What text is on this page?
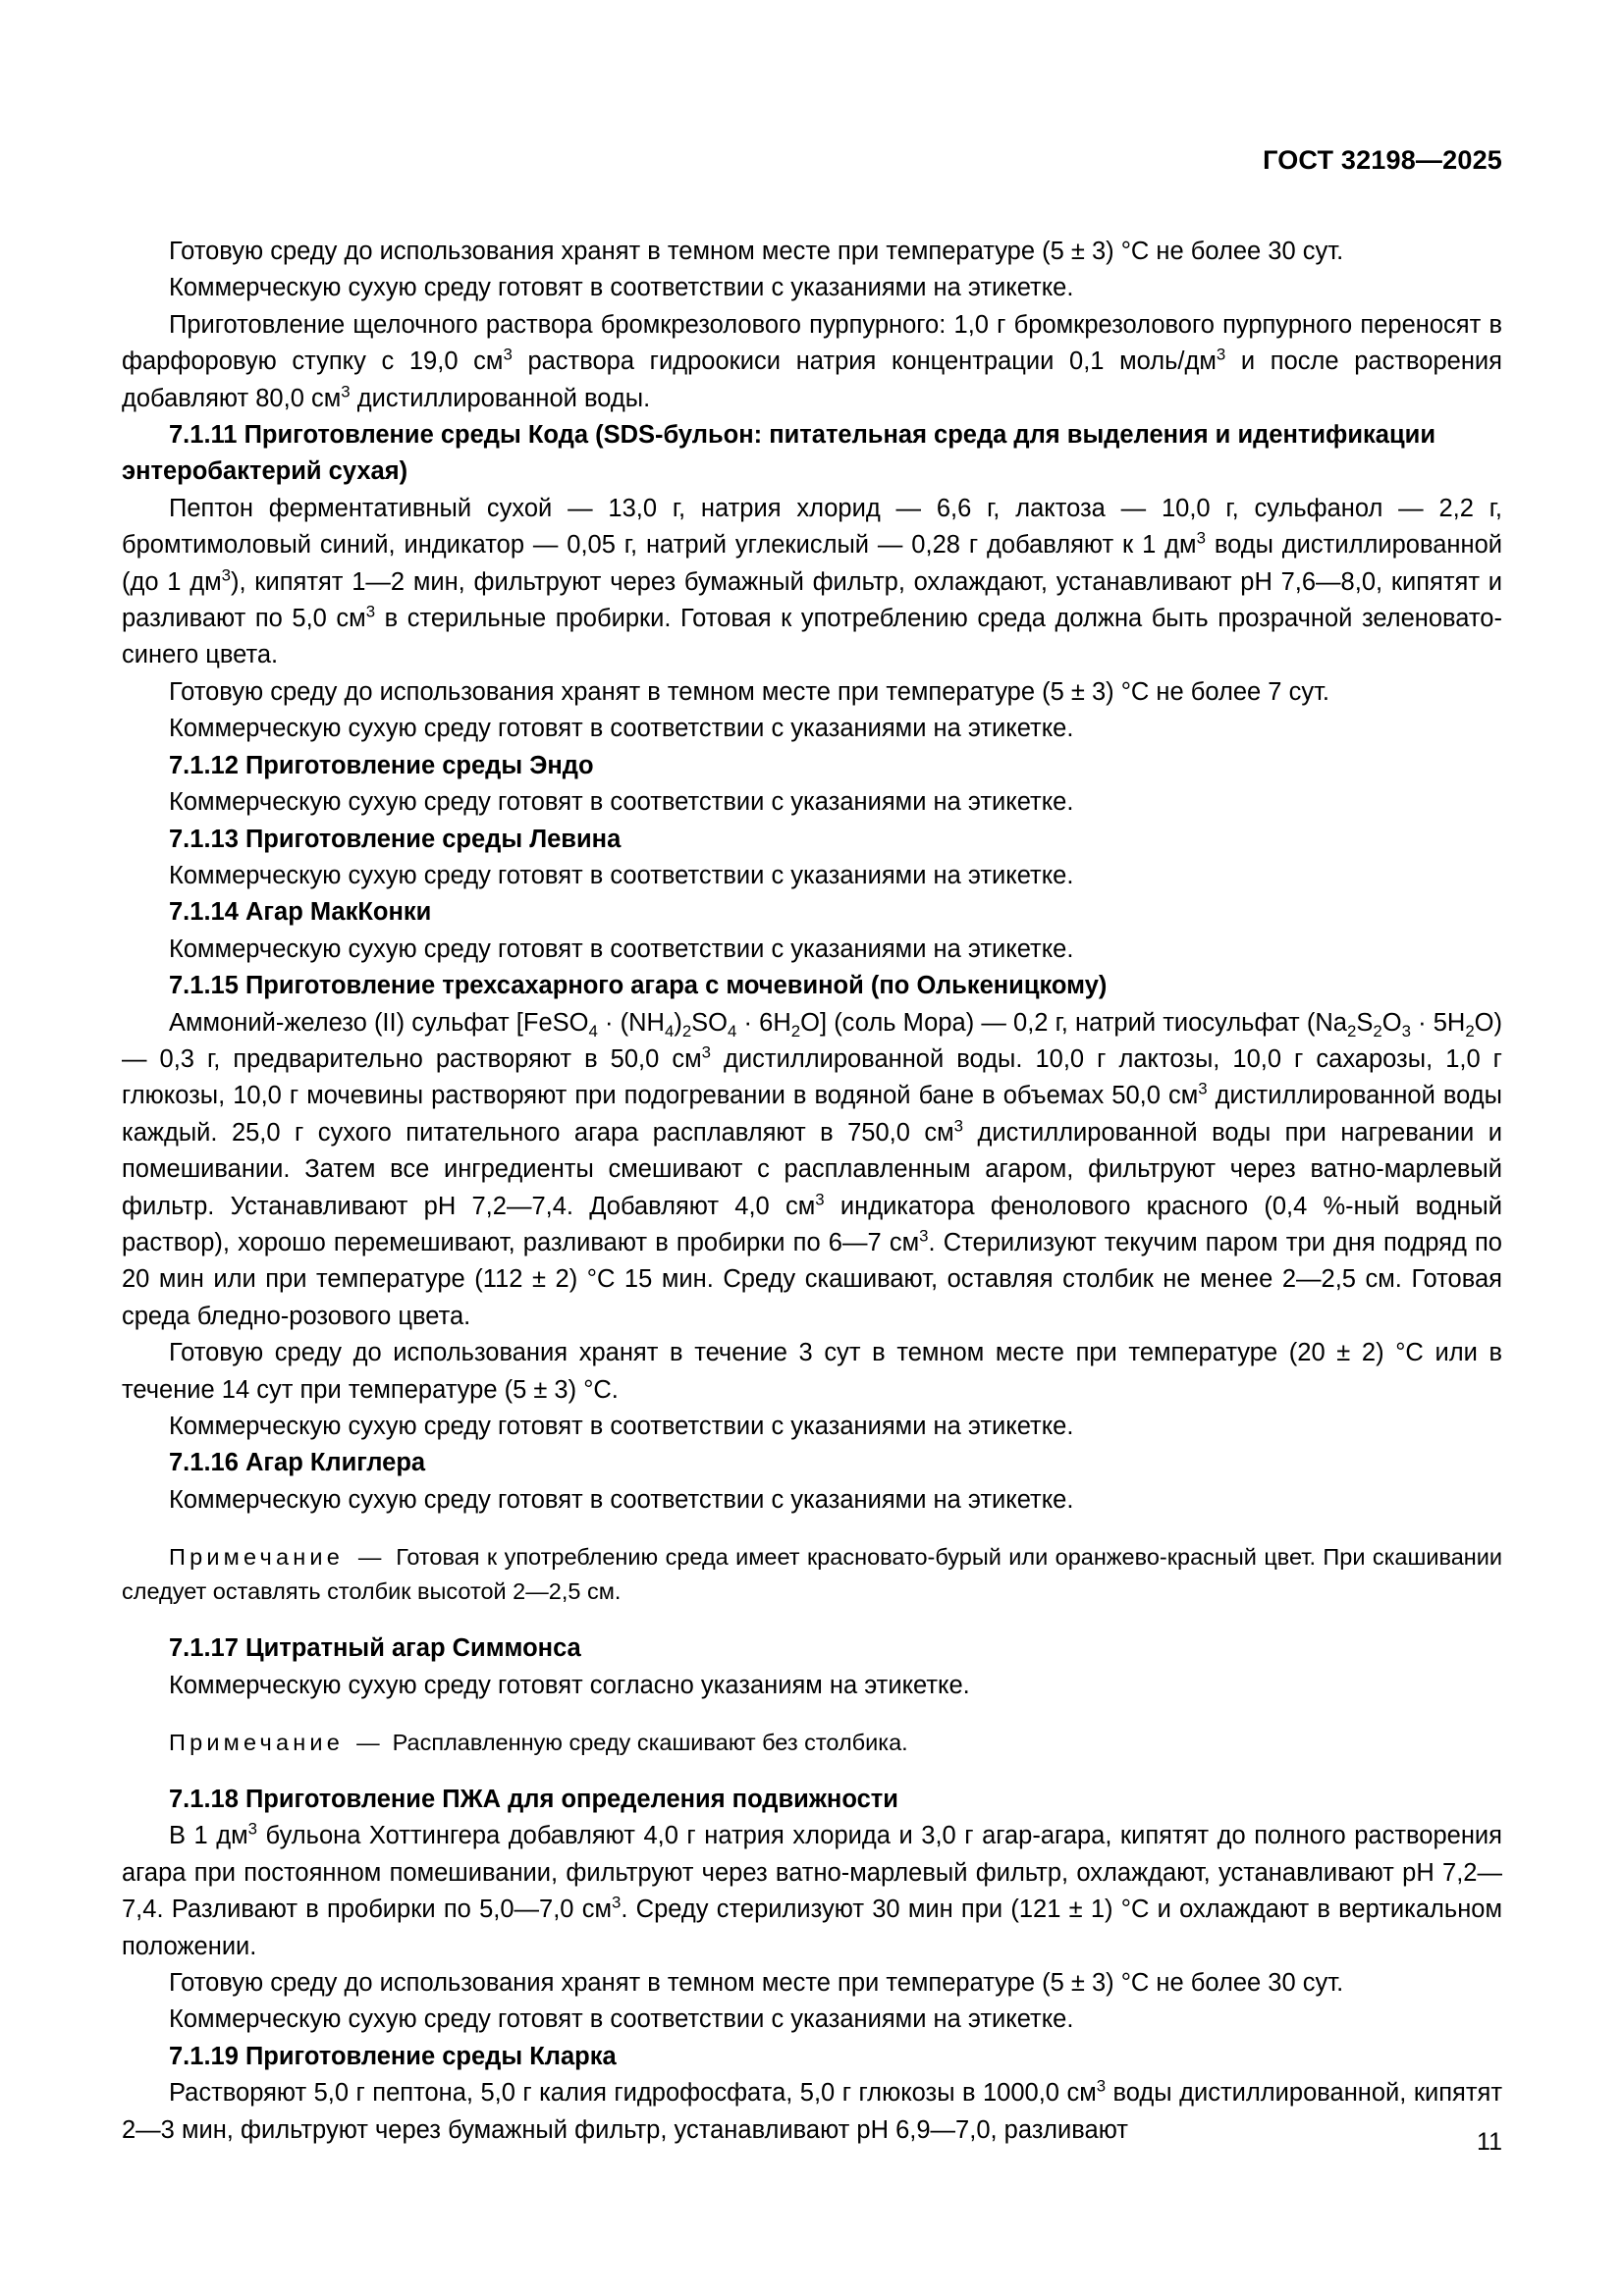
ГОСТ 32198—2025

Готовую среду до использования хранят в темном месте при температуре (5 ± 3) °C не более 30 сут.

Коммерческую сухую среду готовят в соответствии с указаниями на этикетке.

Приготовление щелочного раствора бромкрезолового пурпурного: 1,0 г бромкрезолового пурпурного переносят в фарфоровую ступку с 19,0 $см^3$ раствора гидроокиси натрия концентрации 0,1 моль/$дм^3$ и после растворения добавляют 80,0 $см^3$ дистиллированной воды.

7.1.11 Приготовление среды Кода (SDS-бульон: питательная среда для выделения и идентификации энтеробактерий сухая)

Пептон ферментативный сухой — 13,0 г, натрия хлорид — 6,6 г, лактоза — 10,0 г, сульфанол — 2,2 г, бромтимоловый синий, индикатор — 0,05 г, натрий углекислый — 0,28 г добавляют к 1 $дм^3$ воды дистиллированной (до 1 $дм^3$), кипятят 1—2 мин, фильтруют через бумажный фильтр, охлаждают, устанавливают pH 7,6—8,0, кипятят и разливают по 5,0 $см^3$ в стерильные пробирки. Готовая к употреблению среда должна быть прозрачной зеленовато-синего цвета.

Готовую среду до использования хранят в темном месте при температуре (5 ± 3) °C не более 7 сут.

Коммерческую сухую среду готовят в соответствии с указаниями на этикетке.

7.1.12 Приготовление среды Эндо

Коммерческую сухую среду готовят в соответствии с указаниями на этикетке.

7.1.13 Приготовление среды Левина

Коммерческую сухую среду готовят в соответствии с указаниями на этикетке.

7.1.14 Агар МакКонки

Коммерческую сухую среду готовят в соответствии с указаниями на этикетке.

7.1.15 Приготовление трехсахарного агара с мочевиной (по Олькеницкому)

Аммоний-железо (II) сульфат [FeSO$_4$ · $(NH_4)_2SO_4 \cdot 6H_2O$] (соль Мора) — 0,2 г, натрий тиосульфат $(Na_2S_2O_3 \cdot 5H_2O)$ — 0,3 г, предварительно растворяют в 50,0 $см^3$ дистиллированной воды. 10,0 г лактозы, 10,0 г сахарозы, 1,0 г глюкозы, 10,0 г мочевины растворяют при подогревании в водяной бане в объемах 50,0 $см^3$ дистиллированной воды каждый. 25,0 г сухого питательного агара расплавляют в 750,0 $см^3$ дистиллированной воды при нагревании и помешивании. Затем все ингредиенты смешивают с расплавленным агаром, фильтруют через ватно-марлевый фильтр. Устанавливают pH 7,2—7,4. Добавляют 4,0 $см^3$ индикатора фенолового красного (0,4 %-ный водный раствор), хорошо перемешивают, разливают в пробирки по 6—7 $см^3$. Стерилизуют текучим паром три дня подряд по 20 мин или при температуре (112 ± 2) °C 15 мин. Среду скашивают, оставляя столбик не менее 2—2,5 см. Готовая среда бледно-розового цвета.

Готовую среду до использования хранят в течение 3 сут в темном месте при температуре (20 ± 2) °C или в течение 14 сут при температуре (5 ± 3) °C.

Коммерческую сухую среду готовят в соответствии с указаниями на этикетке.

7.1.16 Агар Клиглера

Коммерческую сухую среду готовят в соответствии с указаниями на этикетке.

Примечание — Готовая к употреблению среда имеет красновато-бурый или оранжево-красный цвет. При скашивании следует оставлять столбик высотой 2—2,5 см.

7.1.17 Цитратный агар Симмонса

Коммерческую сухую среду готовят согласно указаниям на этикетке.

Примечание — Расплавленную среду скашивают без столбика.

7.1.18 Приготовление ПЖА для определения подвижности

В 1 $дм^3$ бульона Хоттингера добавляют 4,0 г натрия хлорида и 3,0 г агар-агара, кипятят до полного растворения агара при постоянном помешивании, фильтруют через ватно-марлевый фильтр, охлаждают, устанавливают pH 7,2—7,4. Разливают в пробирки по 5,0—7,0 $см^3$. Среду стерилизуют 30 мин при (121 ± 1) °C и охлаждают в вертикальном положении.

Готовую среду до использования хранят в темном месте при температуре (5 ± 3) °C не более 30 сут.

Коммерческую сухую среду готовят в соответствии с указаниями на этикетке.

7.1.19 Приготовление среды Кларка

Растворяют 5,0 г пептона, 5,0 г калия гидрофосфата, 5,0 г глюкозы в 1000,0 $см^3$ воды дистиллированной, кипятят 2—3 мин, фильтруют через бумажный фильтр, устанавливают pH 6,9—7,0, разливают	11
